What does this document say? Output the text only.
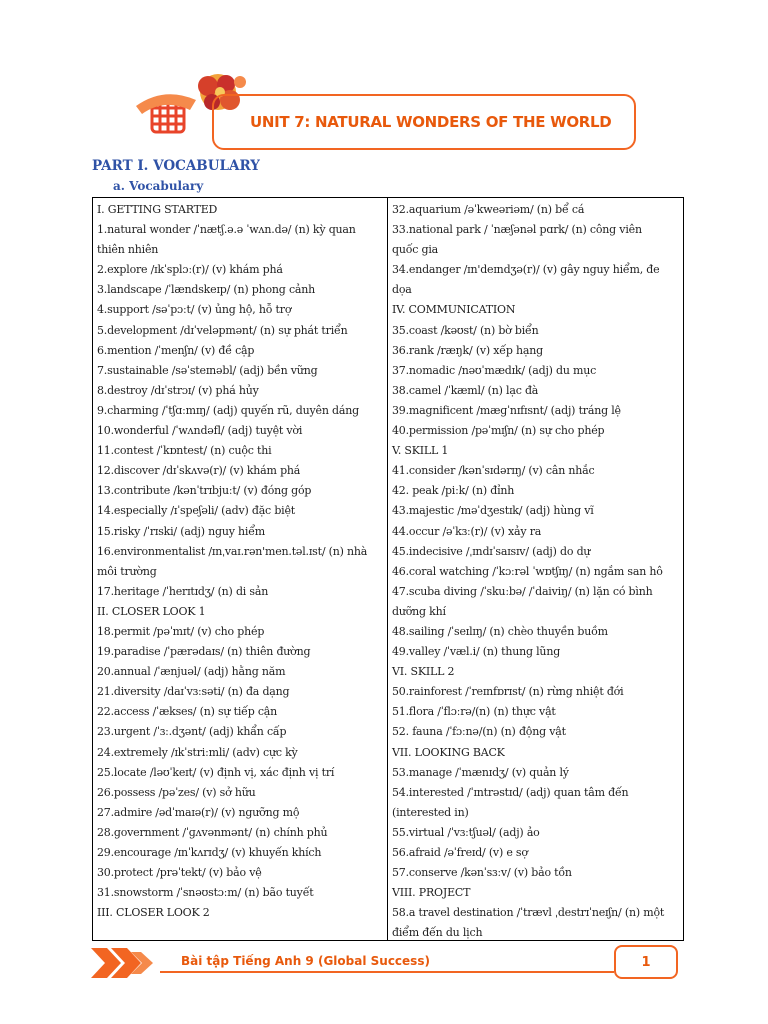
UNIT 7: NATURAL WONDERS OF THE WORLD
PART I. VOCABULARY
a. Vocabulary
I. GETTING STARTED
1.natural wonder /ˈnætʃ.ə.ə ˈwʌn.də/ (n) kỳ quan
thiên nhiên
2.explore /ɪkˈsplɔː(r)/ (v) khám phá
3.landscape /ˈlændskeɪp/ (n) phong cảnh
4.support /səˈpɔːt/ (v) ủng hộ, hỗ trợ
5.development /dɪˈveləpmənt/ (n) sự phát triển
6.mention /ˈmenʃn/ (v) đề cập
7.sustainable /səˈsteɪnəbl/ (adj) bền vững
8.destroy /dɪˈstrɔɪ/ (v) phá hủy
9.charming /ˈtʃɑːmɪŋ/ (adj) quyến rũ, duyên dáng
10.wonderful /ˈwʌndəfl/ (adj) tuyệt vời
11.contest /ˈkɒntest/ (n) cuộc thi
12.discover /dɪˈskʌvə(r)/ (v) khám phá
13.contribute /kənˈtrɪbjuːt/ (v) đóng góp
14.especially /ɪˈspeʃəli/ (adv) đặc biệt
15.risky /ˈrɪski/ (adj) nguy hiểm
16.environmentalist /ɪnˌvaɪ.rən'men.təl.ɪst/ (n) nhà
môi trường
17.heritage /ˈherɪtɪdʒ/ (n) di sản
II. CLOSER LOOK 1
18.permit /pəˈmɪt/ (v) cho phép
19.paradise /ˈpærədaɪs/ (n) thiên đường
20.annual /ˈænjuəl/ (adj) hằng năm
21.diversity /daɪˈvɜːsəti/ (n) đa dạng
22.access /ˈækses/ (n) sự tiếp cận
23.urgent /ˈɜː.dʒənt/ (adj) khẩn cấp
24.extremely /ɪkˈstriːmli/ (adv) cực kỳ
25.locate /ləʊˈkeɪt/ (v) định vị, xác định vị trí
26.possess /pəˈzes/ (v) sở hữu
27.admire /ədˈmaɪə(r)/ (v) ngưỡng mộ
28.government /ˈɡʌvənmənt/ (n) chính phủ
29.encourage /ɪnˈkʌrɪdʒ/ (v) khuyến khích
30.protect /prəˈtekt/ (v) bảo vệ
31.snowstorm /ˈsnəʊstɔːm/ (n) bão tuyết
III. CLOSER LOOK 2
32.aquarium /əˈkweəriəm/ (n) bể cá
33.national park / ˈnæʃənəl pɑrk/ (n) công viên
quốc gia
34.endanger /ɪn'deɪndʒə(r)/ (v) gây nguy hiểm, đe
dọa
IV. COMMUNICATION
35.coast /kəʊst/ (n) bờ biển
36.rank /ræŋk/ (v) xếp hạng
37.nomadic /nəʊˈmædɪk/ (adj) du mục
38.camel /ˈkæml/ (n) lạc đà
39.magnificent /mæɡˈnɪfɪsnt/ (adj) tráng lệ
40.permission /pəˈmɪʃn/ (n) sự cho phép
V. SKILL 1
41.consider /kənˈsɪdərɪŋ/ (v) cân nhắc
42. peak /piːk/ (n) đỉnh
43.majestic /məˈdʒestɪk/ (adj) hùng vĩ
44.occur /əˈkɜː(r)/ (v) xảy ra
45.indecisive /ˌɪndɪˈsaɪsɪv/ (adj) do dự
46.coral watching /ˈkɔːrəl ˈwɒtʃɪŋ/ (n) ngắm san hô
47.scuba diving /ˈskuːbə/ /ˈdaiviŋ/ (n) lặn có bình
dưỡng khí
48.sailing /ˈseɪlɪŋ/ (n) chèo thuyền buồm
49.valley /ˈvæl.i/ (n) thung lũng
VI. SKILL 2
50.rainforest /ˈreɪnfɒrɪst/ (n) rừng nhiệt đới
51.flora /ˈflɔːrə/(n) (n) thực vật
52. fauna /ˈfɔːnə/(n) (n) động vật
VII. LOOKING BACK
53.manage /ˈmænɪdʒ/ (v) quản lý
54.interested /ˈɪntrəstɪd/ (adj) quan tâm đến
(interested in)
55.virtual /ˈvɜːtʃuəl/ (adj) ảo
56.afraid /əˈfreɪd/ (v) e sợ
57.conserve /kənˈsɜːv/ (v) bảo tồn
VIII. PROJECT
58.a travel destination /ˈtrævl ˌdestrɪˈneɪʃn/ (n) một
điểm đến du lịch
Bài tập Tiếng Anh 9 (Global Success)	1
